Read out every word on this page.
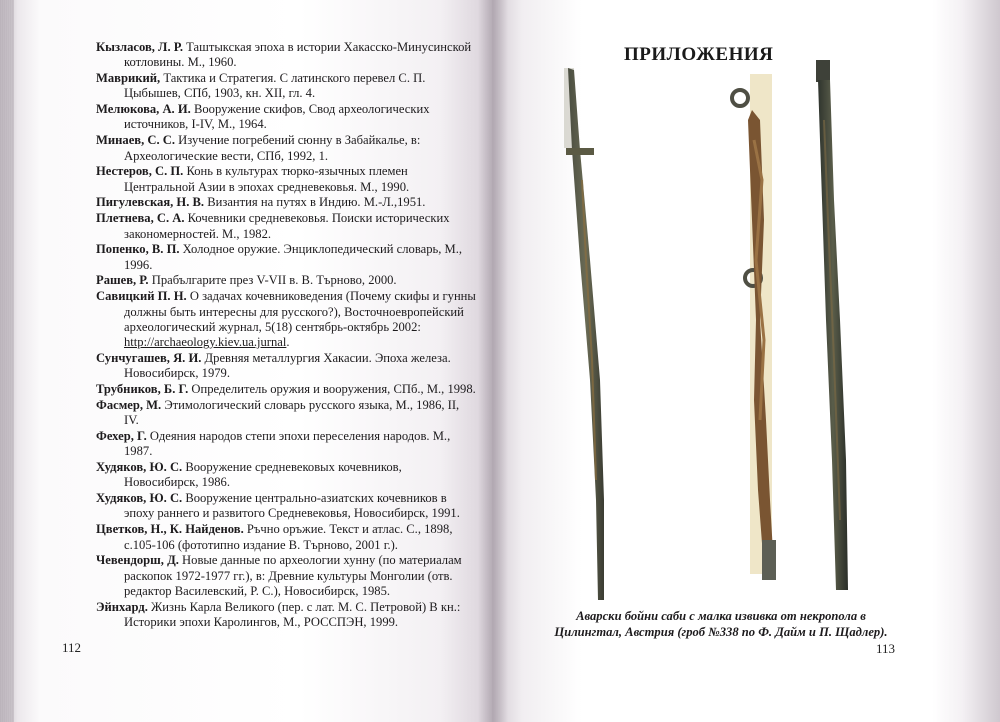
Кызласов, Л. Р. Таштыкская эпоха в истории Хакасско-Минусинской котловины. М., 1960.
Маврикий, Тактика и Стратегия. С латинского перевел С. П. Цыбышев, СПб, 1903, кн. XII, гл. 4.
Мелюкова, А. И. Вооружение скифов, Свод археологических источников, I-IV, М., 1964.
Минаев, С. С. Изучение погребений сюнну в Забайкалье, в: Археологические вести, СПб, 1992, 1.
Нестеров, С. П. Конь в культурах тюрко-язычных племен Центральной Азии в эпохах средневековья. М., 1990.
Пигулевская, Н. В. Византия на путях в Индию. М.-Л.,1951.
Плетнева, С. А. Кочевники средневековья. Поиски исторических закономерностей. М., 1982.
Попенко, В. П. Холодное оружие. Энциклопедический словарь, М., 1996.
Рашев, Р. Прабългарите през V-VII в. В. Търново, 2000.
Савицкий П. Н. О задачах кочевниковедения (Почему скифы и гунны должны быть интересны для русского?), Восточноевропейский археологический журнал, 5(18) сентябрь-октябрь 2002: http://archaeology.kiev.ua.jurnal.
Сунчугашев, Я. И. Древняя металлургия Хакасии. Эпоха железа. Новосибирск, 1979.
Трубников, Б. Г. Определитель оружия и вооружения, СПб., М., 1998.
Фасмер, М. Этимологический словарь русского языка, М., 1986, II, IV.
Фехер, Г. Одеяния народов степи эпохи переселения народов. М., 1987.
Худяков, Ю. С. Вооружение средневековых кочевников, Новосибирск, 1986.
Худяков, Ю. С. Вооружение центрально-азиатских кочевников в эпоху раннего и развитого Средневековья, Новосибирск, 1991.
Цветков, Н., К. Найденов. Ръчно оръжие. Текст и атлас. С., 1898, с.105-106 (фототипно издание В. Търново, 2001 г.).
Чевендорш, Д. Новые данные по археологии хунну (по материалам раскопок 1972-1977 гг.), в: Древние культуры Монголии (отв. редактор Василевский, Р. С.), Новосибирск, 1985.
Эйнхард. Жизнь Карла Великого (пер. с лат. М. С. Петровой) В кн.: Историки эпохи Каролингов, М., РОССПЭН, 1999.
112
ПРИЛОЖЕНИЯ
Аварски бойни саби с малка извивка от некропола в Цилингтал, Австрия (гроб №338 по Ф. Дайм и П. Щадлер).
113
